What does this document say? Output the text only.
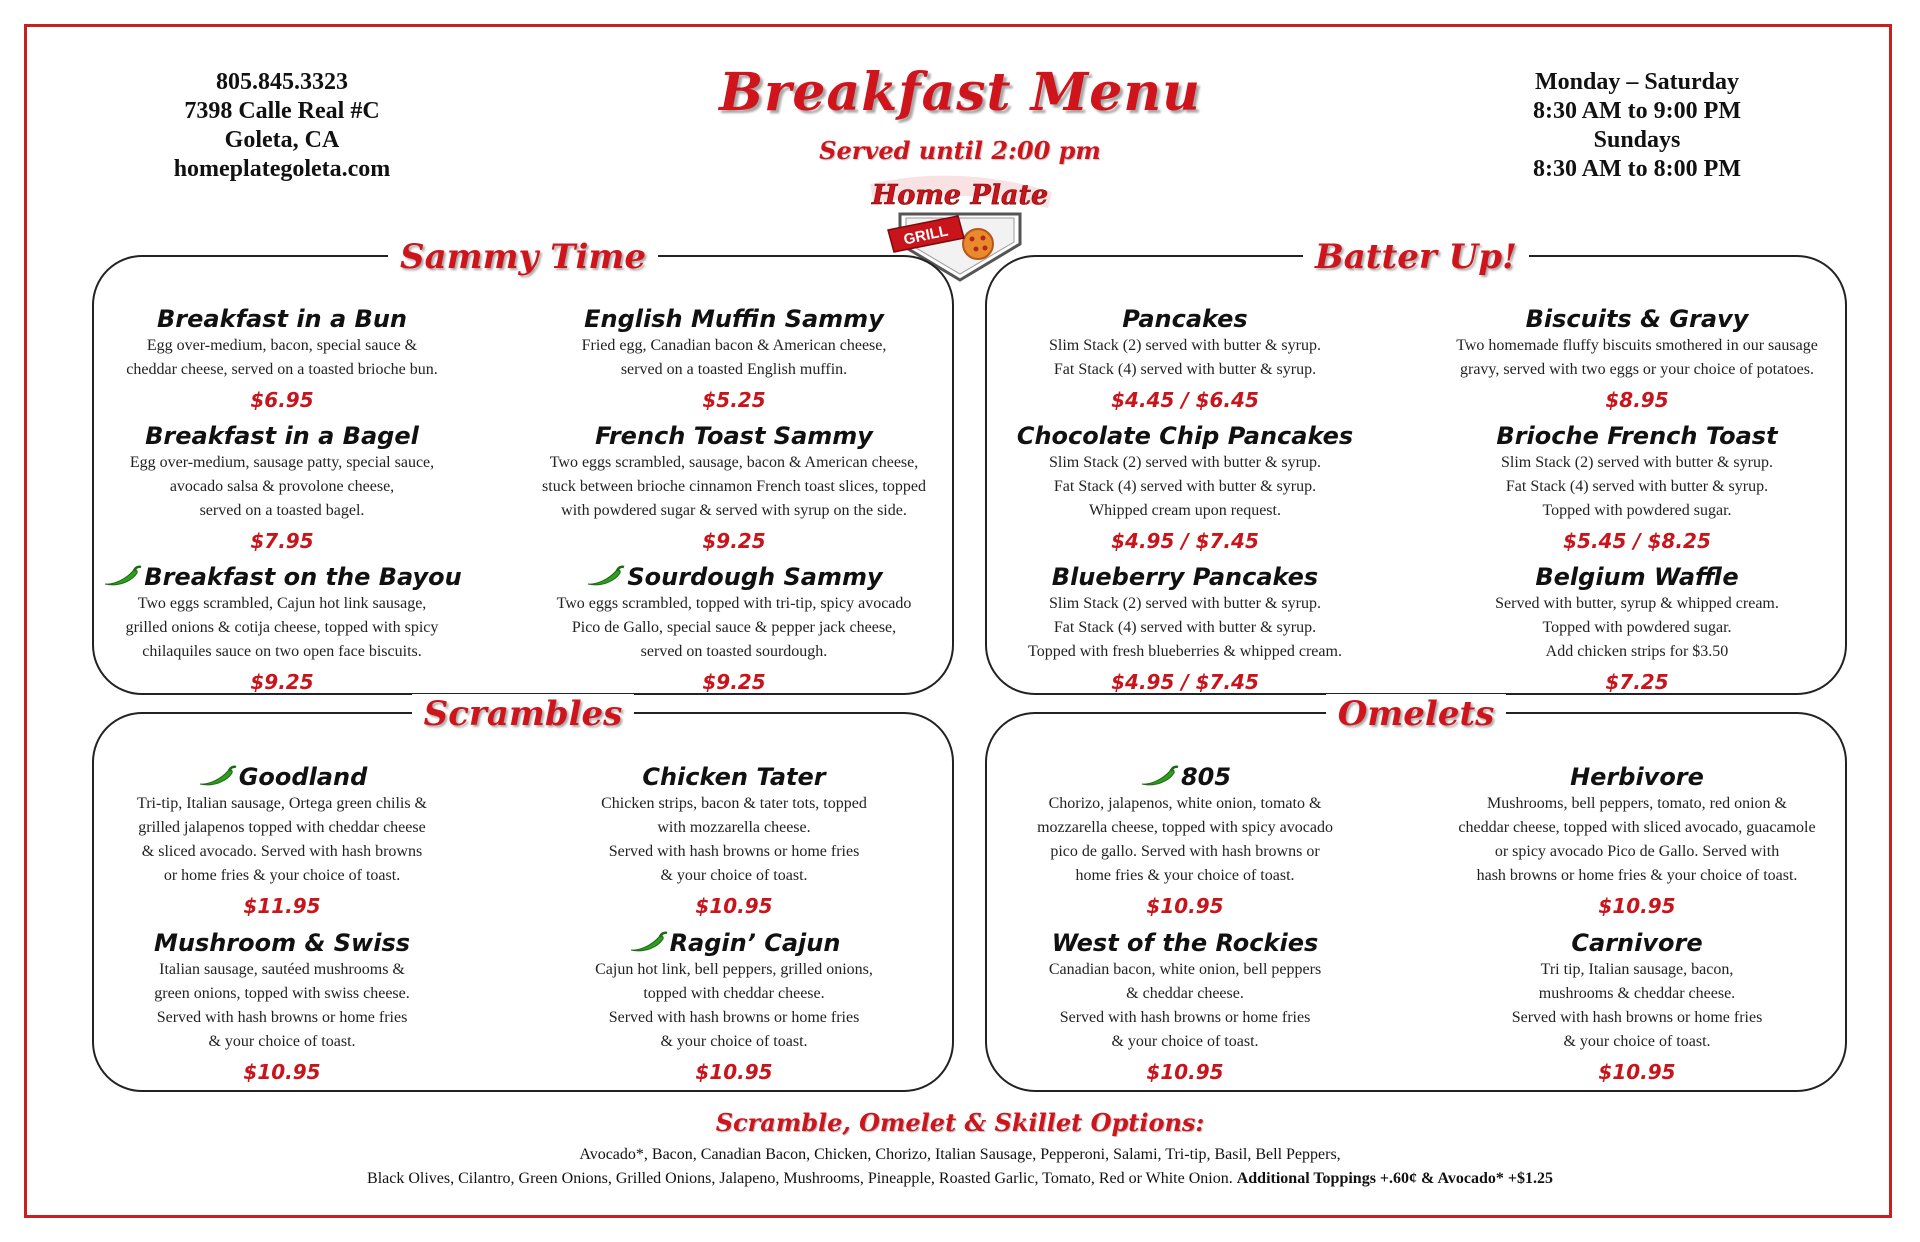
805.845.3323
7398 Calle Real #C
Goleta, CA
homeplategoleta.com
Breakfast Menu
Served until 2:00 pm
GRILL
Home Plate
Monday – Saturday
8:30 AM to 9:00 PM
Sundays
8:30 AM to 8:00 PM
Sammy Time
Breakfast in a Bun
Egg over-medium, bacon, special sauce &
cheddar cheese, served on a toasted brioche bun.
$6.95
English Muffin Sammy
Fried egg, Canadian bacon & American cheese,
served on a toasted English muffin.
$5.25
Breakfast in a Bagel
Egg over-medium, sausage patty, special sauce,
avocado salsa & provolone cheese,
served on a toasted bagel.
$7.95
French Toast Sammy
Two eggs scrambled, sausage, bacon & American cheese,
stuck between brioche cinnamon French toast slices, topped
with powdered sugar & served with syrup on the side.
$9.25
Breakfast on the Bayou
Two eggs scrambled, Cajun hot link sausage,
grilled onions & cotija cheese, topped with spicy
chilaquiles sauce on two open face biscuits.
$9.25
Sourdough Sammy
Two eggs scrambled, topped with tri-tip, spicy avocado
Pico de Gallo, special sauce & pepper jack cheese,
served on toasted sourdough.
$9.25
Batter Up!
Pancakes
Slim Stack (2) served with butter & syrup.
Fat Stack (4) served with butter & syrup.
$4.45 / $6.45
Biscuits & Gravy
Two homemade fluffy biscuits smothered in our sausage
gravy, served with two eggs or your choice of potatoes.
$8.95
Chocolate Chip Pancakes
Slim Stack (2) served with butter & syrup.
Fat Stack (4) served with butter & syrup.
Whipped cream upon request.
$4.95 / $7.45
Brioche French Toast
Slim Stack (2) served with butter & syrup.
Fat Stack (4) served with butter & syrup.
Topped with powdered sugar.
$5.45 / $8.25
Blueberry Pancakes
Slim Stack (2) served with butter & syrup.
Fat Stack (4) served with butter & syrup.
Topped with fresh blueberries & whipped cream.
$4.95 / $7.45
Belgium Waffle
Served with butter, syrup & whipped cream.
Topped with powdered sugar.
Add chicken strips for $3.50
$7.25
Scrambles
Goodland
Tri-tip, Italian sausage, Ortega green chilis &
grilled jalapenos topped with cheddar cheese
& sliced avocado. Served with hash browns
or home fries & your choice of toast.
$11.95
Chicken Tater
Chicken strips, bacon & tater tots, topped
with mozzarella cheese.
Served with hash browns or home fries
& your choice of toast.
$10.95
Mushroom & Swiss
Italian sausage, sautéed mushrooms &
green onions, topped with swiss cheese.
Served with hash browns or home fries
& your choice of toast.
$10.95
Ragin’ Cajun
Cajun hot link, bell peppers, grilled onions,
topped with cheddar cheese.
Served with hash browns or home fries
& your choice of toast.
$10.95
Omelets
805
Chorizo, jalapenos, white onion, tomato &
mozzarella cheese, topped with spicy avocado
pico de gallo. Served with hash browns or
home fries & your choice of toast.
$10.95
Herbivore
Mushrooms, bell peppers, tomato, red onion &
cheddar cheese, topped with sliced avocado, guacamole
or spicy avocado Pico de Gallo. Served with
hash browns or home fries & your choice of toast.
$10.95
West of the Rockies
Canadian bacon, white onion, bell peppers
& cheddar cheese.
Served with hash browns or home fries
& your choice of toast.
$10.95
Carnivore
Tri tip, Italian sausage, bacon,
mushrooms & cheddar cheese.
Served with hash browns or home fries
& your choice of toast.
$10.95
Scramble, Omelet & Skillet Options:
Avocado*, Bacon, Canadian Bacon, Chicken, Chorizo, Italian Sausage, Pepperoni, Salami, Tri-tip, Basil, Bell Peppers,
Black Olives, Cilantro, Green Onions, Grilled Onions, Jalapeno, Mushrooms, Pineapple, Roasted Garlic, Tomato, Red or White Onion. Additional Toppings +.60¢ & Avocado* +$1.25
